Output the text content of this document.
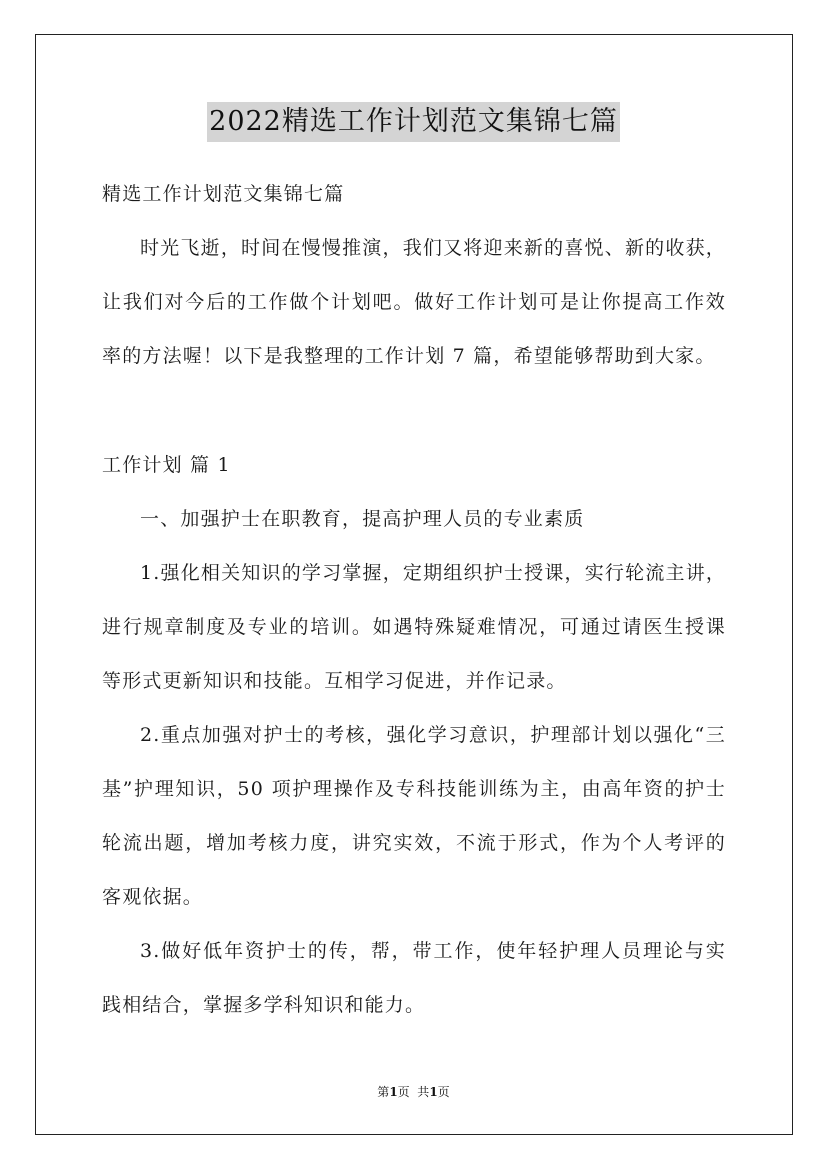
2022精选工作计划范文集锦七篇
精选工作计划范文集锦七篇
时光飞逝，时间在慢慢推演，我们又将迎来新的喜悦、新的收获，
让我们对今后的工作做个计划吧。做好工作计划可是让你提高工作效
率的方法喔！以下是我整理的工作计划 7 篇，希望能够帮助到大家。
工作计划 篇 1
一、加强护士在职教育，提高护理人员的专业素质
1.强化相关知识的学习掌握，定期组织护士授课，实行轮流主讲，
进行规章制度及专业的培训。如遇特殊疑难情况，可通过请医生授课
等形式更新知识和技能。互相学习促进，并作记录。
2.重点加强对护士的考核，强化学习意识，护理部计划以强化“三
基”护理知识，50 项护理操作及专科技能训练为主，由高年资的护士
轮流出题，增加考核力度，讲究实效，不流于形式，作为个人考评的
客观依据。
3.做好低年资护士的传，帮，带工作，使年轻护理人员理论与实
践相结合，掌握多学科知识和能力。
第1页  共1页
